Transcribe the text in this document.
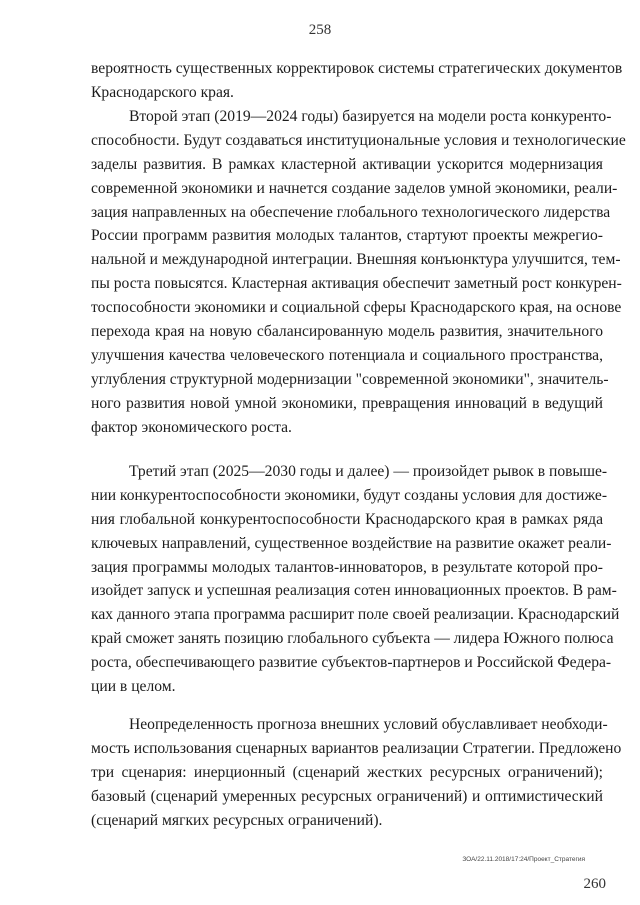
258
вероятность существенных корректировок системы стратегических документов
Краснодарского края.
Второй этап (2019—2024 годы) базируется на модели роста конкуренто-
способности. Будут создаваться институциональные условия и технологические
заделы развития. В рамках кластерной активации ускорится модернизация
современной экономики и начнется создание заделов умной экономики, реали-
зация направленных на обеспечение глобального технологического лидерства
России программ развития молодых талантов, стартуют проекты межрегио-
нальной и международной интеграции. Внешняя конъюнктура улучшится, тем-
пы роста повысятся. Кластерная активация обеспечит заметный рост конкурен-
тоспособности экономики и социальной сферы Краснодарского края, на основе
перехода края на новую сбалансированную модель развития, значительного
улучшения качества человеческого потенциала и социального пространства,
углубления структурной модернизации "современной экономики", значитель-
ного развития новой умной экономики, превращения инноваций в ведущий
фактор экономического роста.
Третий этап (2025—2030 годы и далее) — произойдет рывок в повыше-
нии конкурентоспособности экономики, будут созданы условия для достиже-
ния глобальной конкурентоспособности Краснодарского края в рамках ряда
ключевых направлений, существенное воздействие на развитие окажет реали-
зация программы молодых талантов-инноваторов, в результате которой про-
изойдет запуск и успешная реализация сотен инновационных проектов. В рам-
ках данного этапа программа расширит поле своей реализации. Краснодарский
край сможет занять позицию глобального субъекта — лидера Южного полюса
роста, обеспечивающего развитие субъектов-партнеров и Российской Федера-
ции в целом.
Неопределенность прогноза внешних условий обуславливает необходи-
мость использования сценарных вариантов реализации Стратегии. Предложено
три сценария: инерционный (сценарий жестких ресурсных ограничений);
базовый (сценарий умеренных ресурсных ограничений) и оптимистический
(сценарий мягких ресурсных ограничений).
ЗОА/22.11.2018/17:24/Проект_Стратегия
260
